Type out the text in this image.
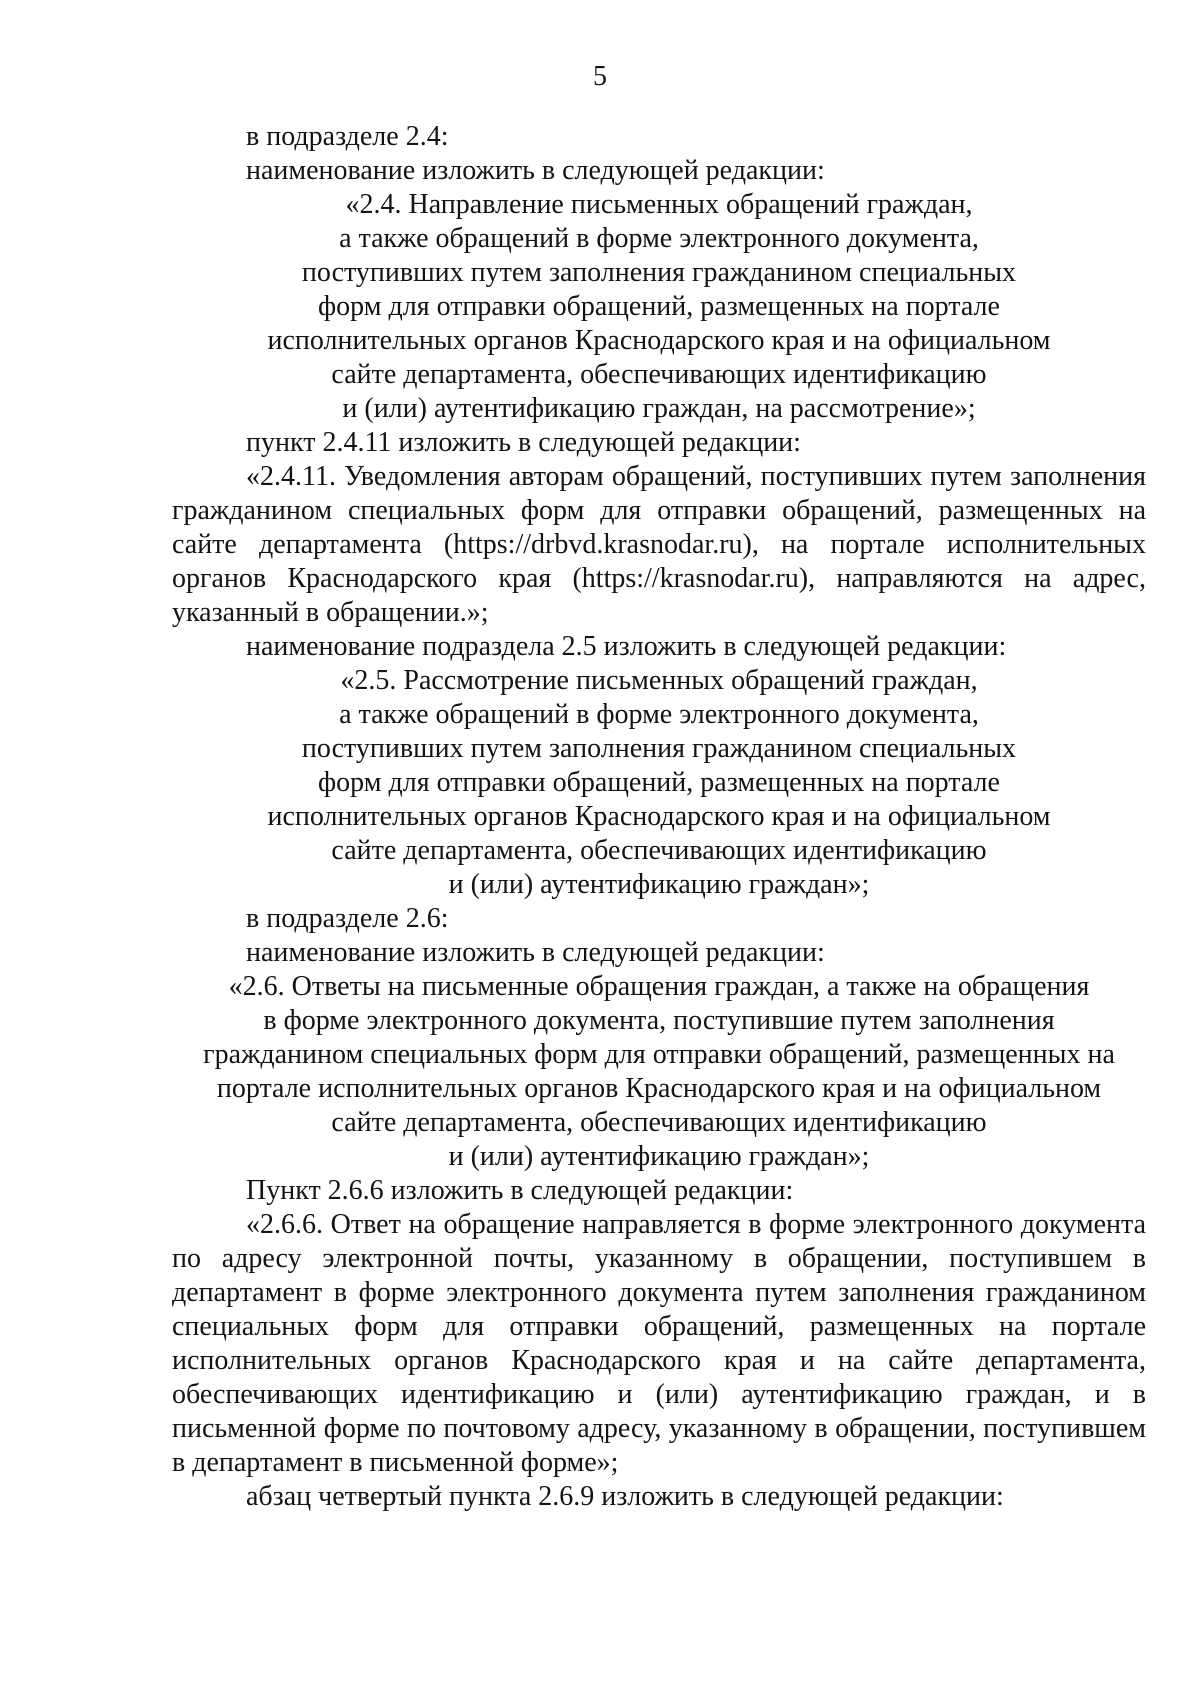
5
в подразделе 2.4:
наименование изложить в следующей редакции:
«2.4. Направление письменных обращений граждан,
а также обращений в форме электронного документа,
поступивших путем заполнения гражданином специальных
форм для отправки обращений, размещенных на портале
исполнительных органов Краснодарского края и на официальном
сайте департамента, обеспечивающих идентификацию
и (или) аутентификацию граждан, на рассмотрение»;
пункт 2.4.11 изложить в следующей редакции:
«2.4.11. Уведомления авторам обращений, поступивших путем заполнения
гражданином специальных форм для отправки обращений, размещенных на
сайте департамента (https://drbvd.krasnodar.ru), на портале исполнительных
органов Краснодарского края (https://krasnodar.ru), направляются на адрес,
указанный в обращении.»;
наименование подраздела 2.5 изложить в следующей редакции:
«2.5. Рассмотрение письменных обращений граждан,
а также обращений в форме электронного документа,
поступивших путем заполнения гражданином специальных
форм для отправки обращений, размещенных на портале
исполнительных органов Краснодарского края и на официальном
сайте департамента, обеспечивающих идентификацию
и (или) аутентификацию граждан»;
в подразделе 2.6:
наименование изложить в следующей редакции:
«2.6. Ответы на письменные обращения граждан, а также на обращения
в форме электронного документа, поступившие путем заполнения
гражданином специальных форм для отправки обращений, размещенных на
портале исполнительных органов Краснодарского края и на официальном
сайте департамента, обеспечивающих идентификацию
и (или) аутентификацию граждан»;
Пункт 2.6.6 изложить в следующей редакции:
«2.6.6. Ответ на обращение направляется в форме электронного документа
по адресу электронной почты, указанному в обращении, поступившем в
департамент в форме электронного документа путем заполнения гражданином
специальных форм для отправки обращений, размещенных на портале
исполнительных органов Краснодарского края и на сайте департамента,
обеспечивающих идентификацию и (или) аутентификацию граждан, и в
письменной форме по почтовому адресу, указанному в обращении, поступившем
в департамент в письменной форме»;
абзац четвертый пункта 2.6.9 изложить в следующей редакции:
